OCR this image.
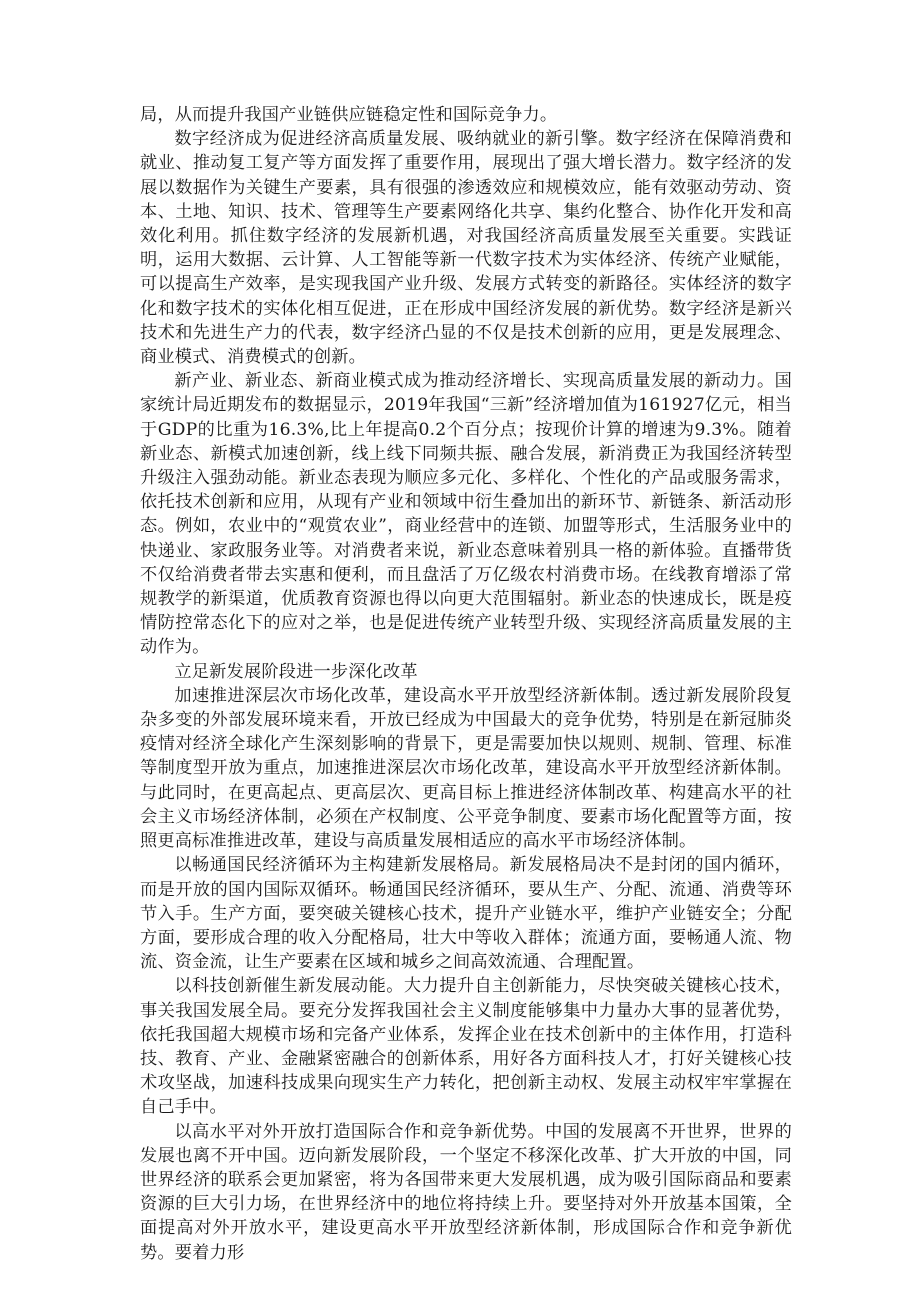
局，从而提升我国产业链供应链稳定性和国际竞争力。

数字经济成为促进经济高质量发展、吸纳就业的新引擎。数字经济在保障消费和就业、推动复工复产等方面发挥了重要作用，展现出了强大增长潜力。数字经济的发展以数据作为关键生产要素，具有很强的渗透效应和规模效应，能有效驱动劳动、资本、土地、知识、技术、管理等生产要素网络化共享、集约化整合、协作化开发和高效化利用。抓住数字经济的发展新机遇，对我国经济高质量发展至关重要。实践证明，运用大数据、云计算、人工智能等新一代数字技术为实体经济、传统产业赋能，可以提高生产效率，是实现我国产业升级、发展方式转变的新路径。实体经济的数字化和数字技术的实体化相互促进，正在形成中国经济发展的新优势。数字经济是新兴技术和先进生产力的代表，数字经济凸显的不仅是技术创新的应用，更是发展理念、商业模式、消费模式的创新。

新产业、新业态、新商业模式成为推动经济增长、实现高质量发展的新动力。国家统计局近期发布的数据显示，2019年我国“三新”经济增加值为161927亿元，相当于GDP的比重为16.3%,比上年提高0.2个百分点；按现价计算的增速为9.3%。随着新业态、新模式加速创新，线上线下同频共振、融合发展，新消费正为我国经济转型升级注入强劲动能。新业态表现为顺应多元化、多样化、个性化的产品或服务需求，依托技术创新和应用，从现有产业和领域中衍生叠加出的新环节、新链条、新活动形态。例如，农业中的“观赏农业”，商业经营中的连锁、加盟等形式，生活服务业中的快递业、家政服务业等。对消费者来说，新业态意味着别具一格的新体验。直播带货不仅给消费者带去实惠和便利，而且盘活了万亿级农村消费市场。在线教育增添了常规教学的新渠道，优质教育资源也得以向更大范围辐射。新业态的快速成长，既是疫情防控常态化下的应对之举，也是促进传统产业转型升级、实现经济高质量发展的主动作为。

立足新发展阶段进一步深化改革

加速推进深层次市场化改革，建设高水平开放型经济新体制。透过新发展阶段复杂多变的外部发展环境来看，开放已经成为中国最大的竞争优势，特别是在新冠肺炎疫情对经济全球化产生深刻影响的背景下，更是需要加快以规则、规制、管理、标准等制度型开放为重点，加速推进深层次市场化改革，建设高水平开放型经济新体制。与此同时，在更高起点、更高层次、更高目标上推进经济体制改革、构建高水平的社会主义市场经济体制，必须在产权制度、公平竞争制度、要素市场化配置等方面，按照更高标准推进改革，建设与高质量发展相适应的高水平市场经济体制。

以畅通国民经济循环为主构建新发展格局。新发展格局决不是封闭的国内循环，而是开放的国内国际双循环。畅通国民经济循环，要从生产、分配、流通、消费等环节入手。生产方面，要突破关键核心技术，提升产业链水平，维护产业链安全；分配方面，要形成合理的收入分配格局，壮大中等收入群体；流通方面，要畅通人流、物流、资金流，让生产要素在区域和城乡之间高效流通、合理配置。

以科技创新催生新发展动能。大力提升自主创新能力，尽快突破关键核心技术，事关我国发展全局。要充分发挥我国社会主义制度能够集中力量办大事的显著优势，依托我国超大规模市场和完备产业体系，发挥企业在技术创新中的主体作用，打造科技、教育、产业、金融紧密融合的创新体系，用好各方面科技人才，打好关键核心技术攻坚战，加速科技成果向现实生产力转化，把创新主动权、发展主动权牢牢掌握在自己手中。

以高水平对外开放打造国际合作和竞争新优势。中国的发展离不开世界，世界的发展也离不开中国。迈向新发展阶段，一个坚定不移深化改革、扩大开放的中国，同世界经济的联系会更加紧密，将为各国带来更大发展机遇，成为吸引国际商品和要素资源的巨大引力场，在世界经济中的地位将持续上升。要坚持对外开放基本国策，全面提高对外开放水平，建设更高水平开放型经济新体制，形成国际合作和竞争新优势。要着力形
